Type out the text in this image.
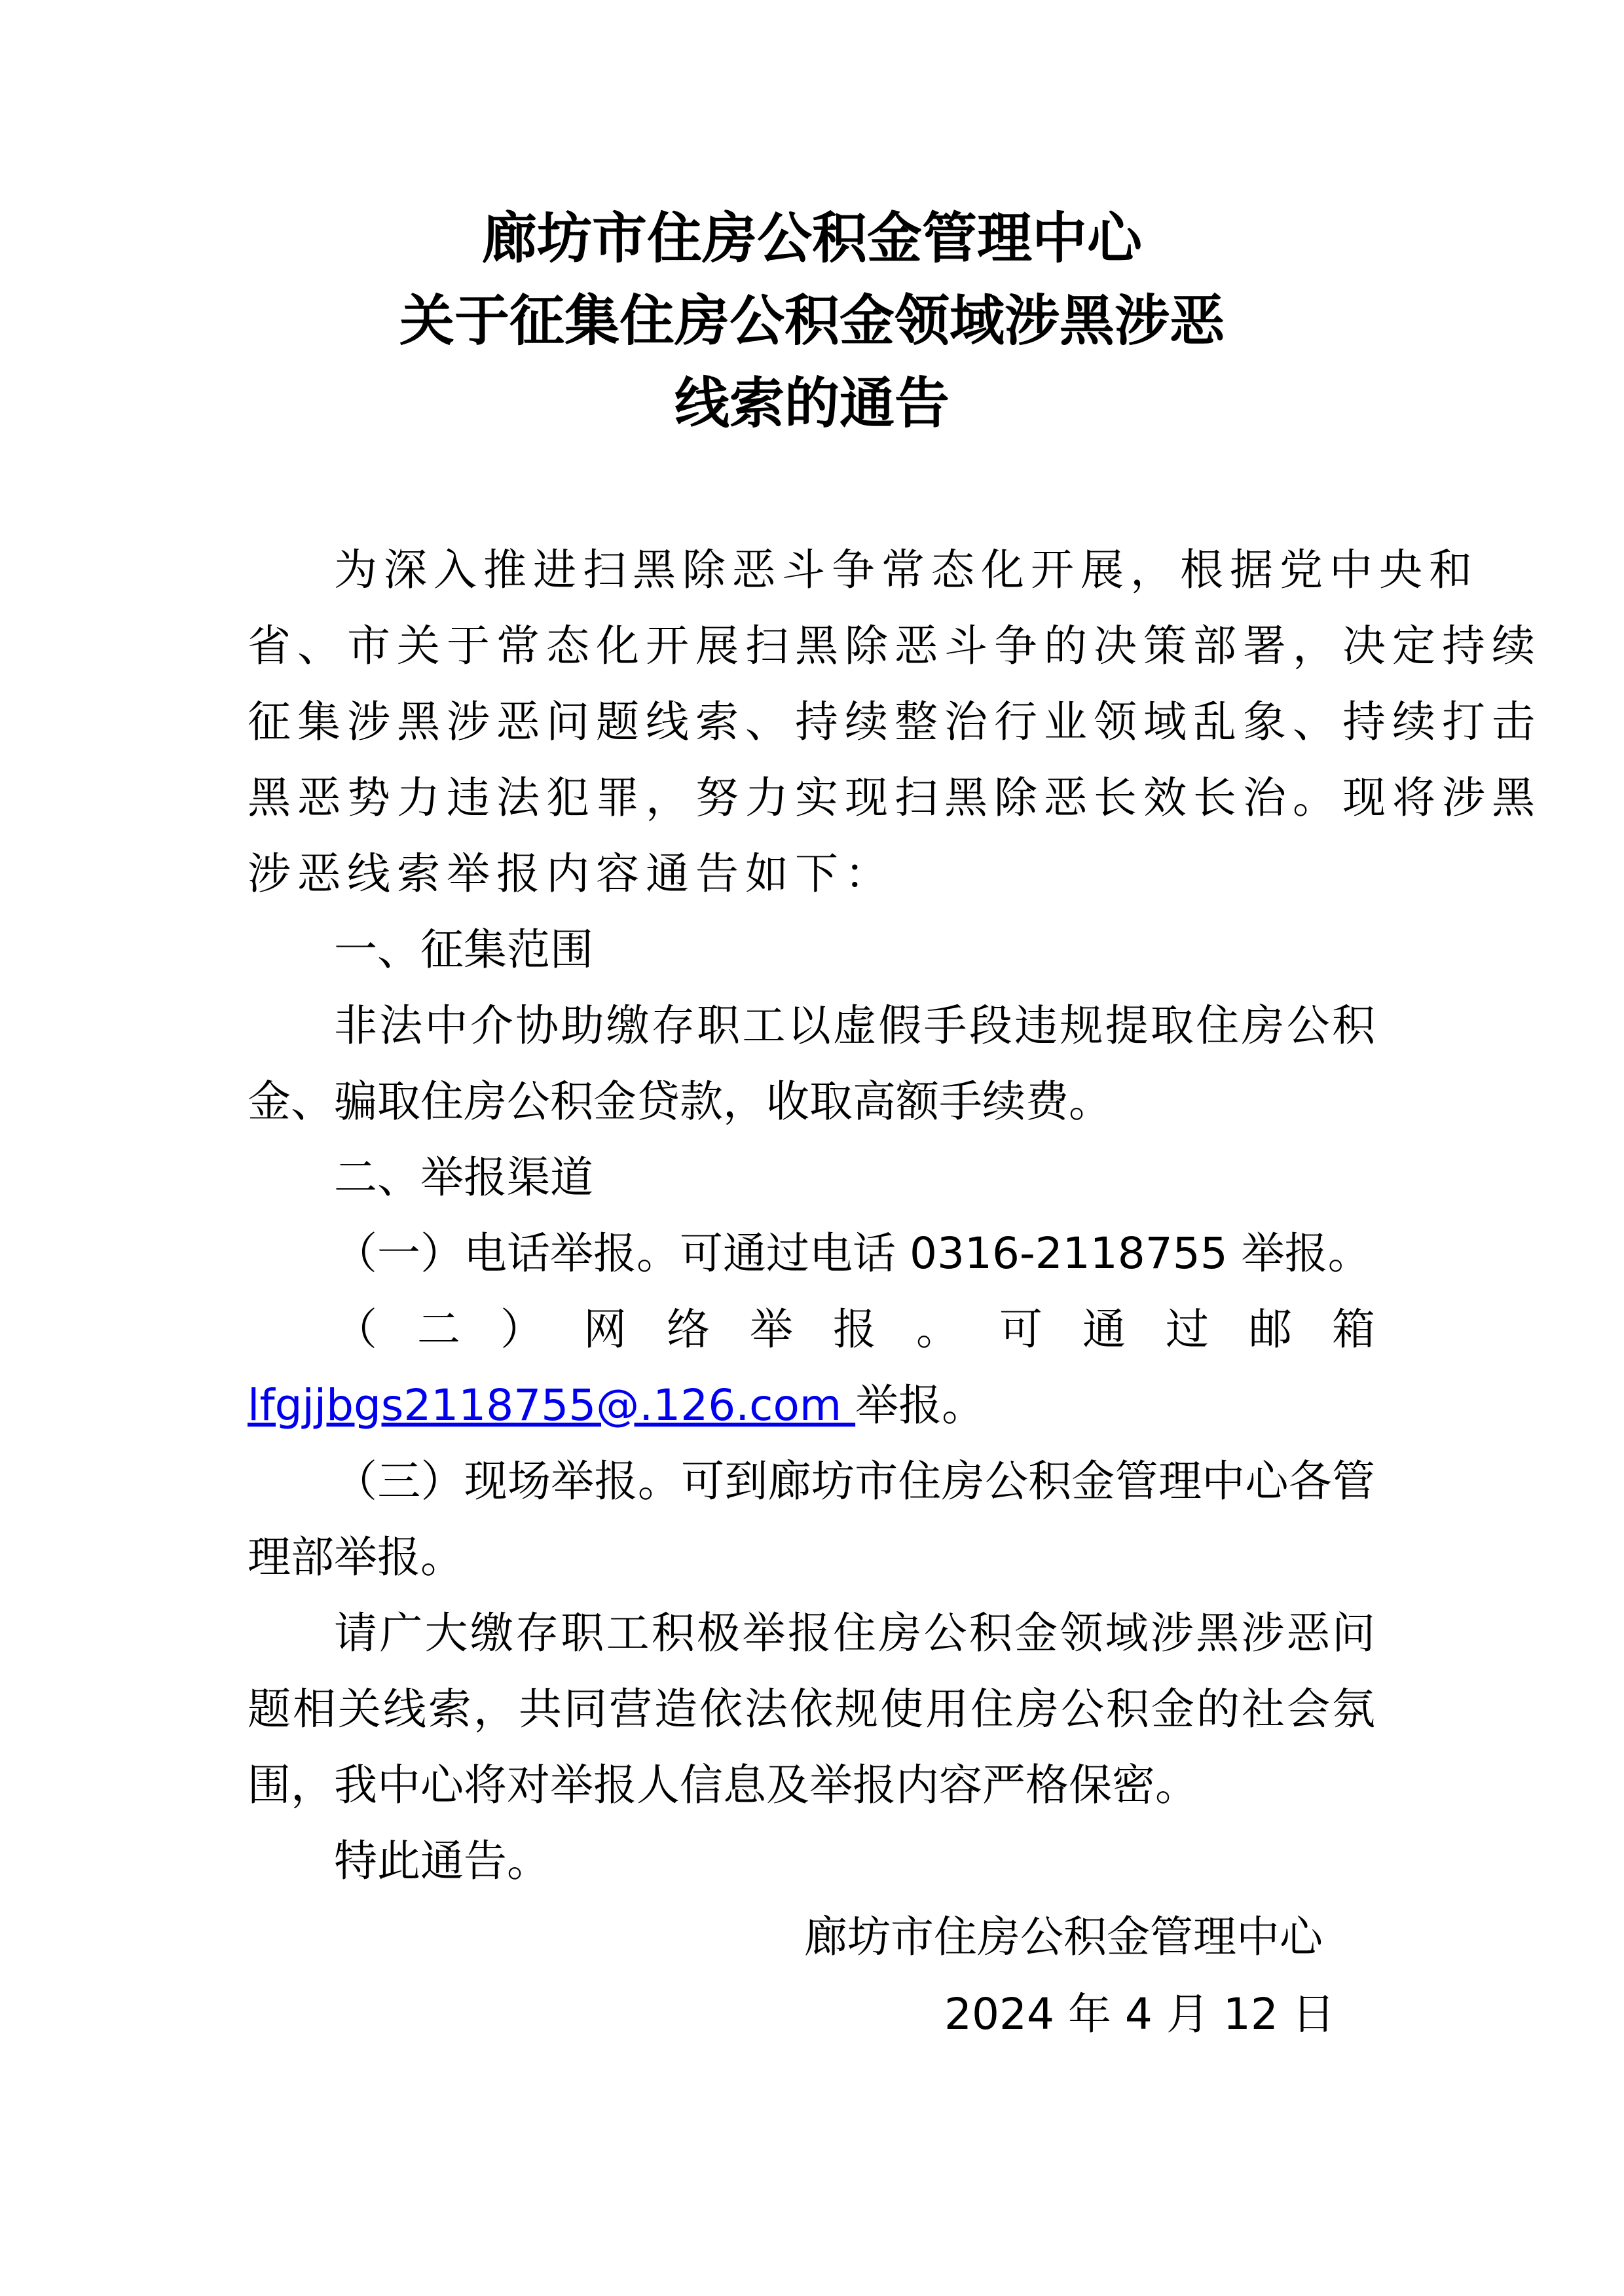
廊坊市住房公积金管理中心
关于征集住房公积金领域涉黑涉恶
线索的通告
为深入推进扫黑除恶斗争常态化开展，根据党中央和
省、市关于常态化开展扫黑除恶斗争的决策部署，决定持续
征集涉黑涉恶问题线索、持续整治行业领域乱象、持续打击
黑恶势力违法犯罪，努力实现扫黑除恶长效长治。现将涉黑
涉恶线索举报内容通告如下：
一、征集范围
非法中介协助缴存职工以虚假手段违规提取住房公积
金、骗取住房公积金贷款，收取高额手续费。
二、举报渠道
（一）电话举报。可通过电话 0316-2118755 举报。
（二）网络举报。可通过邮箱
lfgjjbgs2118755@.126.com 举报。
（三）现场举报。可到廊坊市住房公积金管理中心各管
理部举报。
请广大缴存职工积极举报住房公积金领域涉黑涉恶问
题相关线索，共同营造依法依规使用住房公积金的社会氛
围，我中心将对举报人信息及举报内容严格保密。
特此通告。
廊坊市住房公积金管理中心
2024 年 4 月 12 日
